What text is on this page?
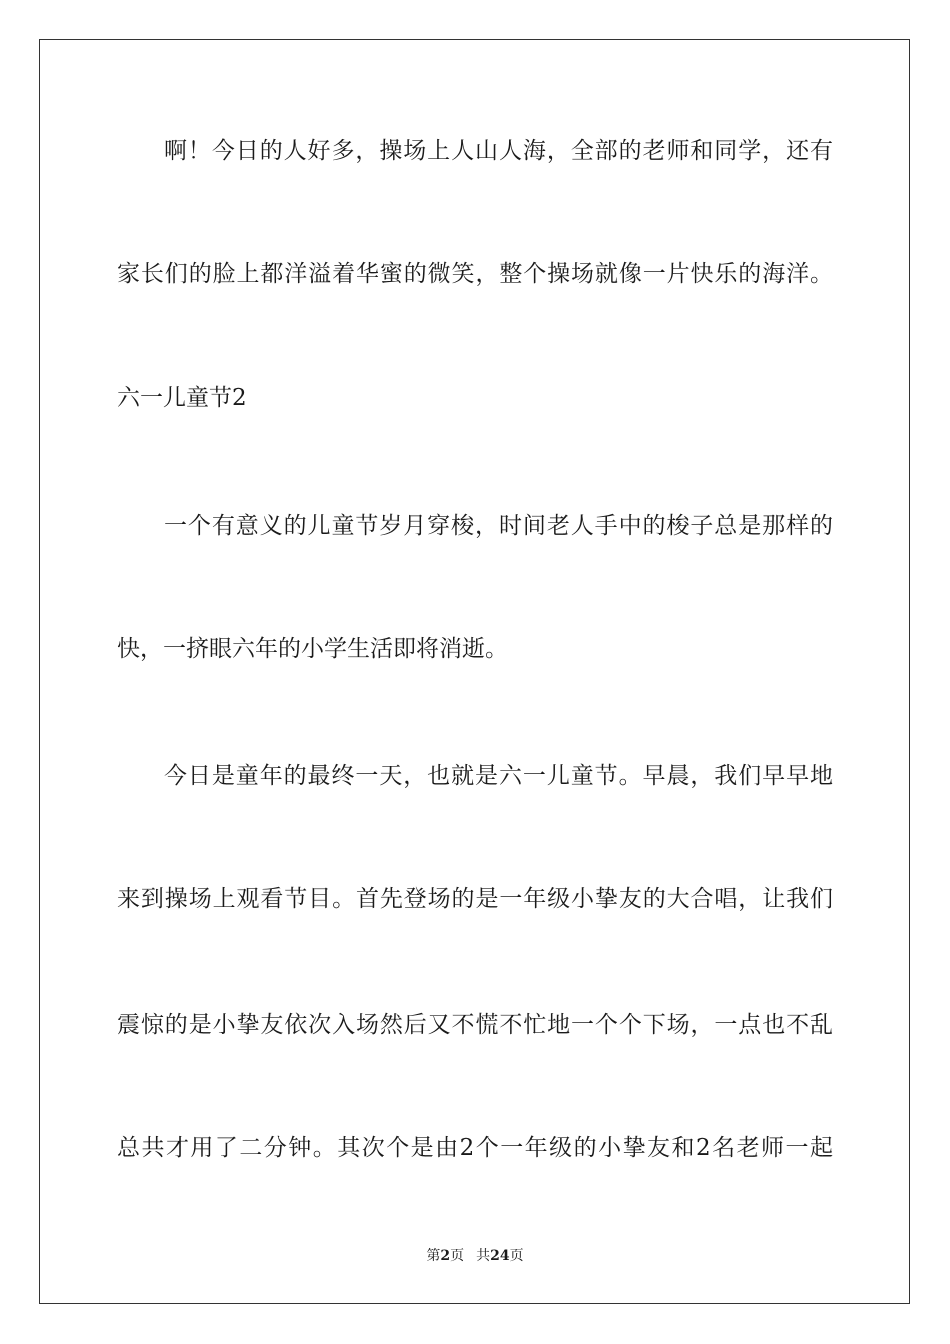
啊！今日的人好多，操场上人山人海，全部的老师和同学，还有
家长们的脸上都洋溢着华蜜的微笑，整个操场就像一片快乐的海洋。
六一儿童节2
一个有意义的儿童节岁月穿梭，时间老人手中的梭子总是那样的
快，一挤眼六年的小学生活即将消逝。
今日是童年的最终一天，也就是六一儿童节。早晨，我们早早地
来到操场上观看节目。首先登场的是一年级小挚友的大合唱，让我们
震惊的是小挚友依次入场然后又不慌不忙地一个个下场，一点也不乱
总共才用了二分钟。其次个是由2个一年级的小挚友和2名老师一起
第2页 共24页
